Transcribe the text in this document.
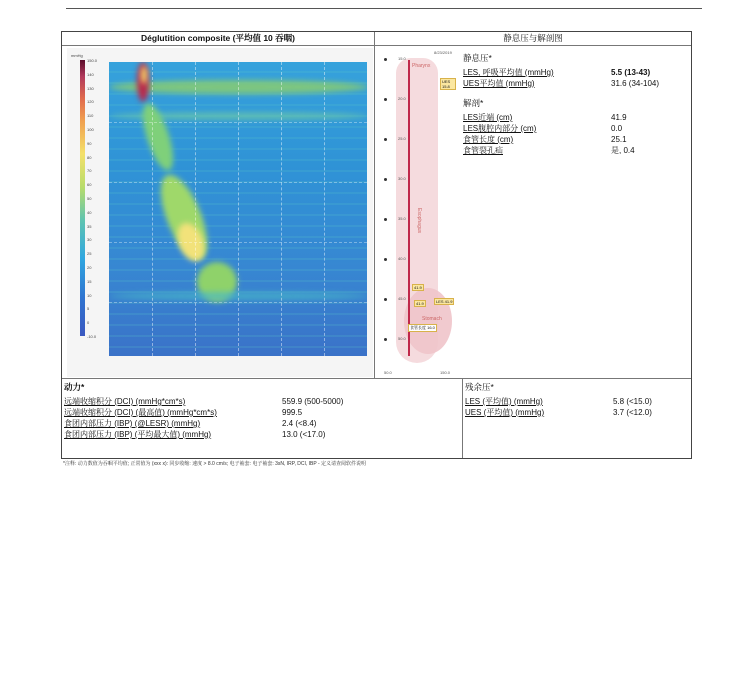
Déglutition composite (平均值 10 吞咽)	静息压与解剖图
mmHg
150.0
140
130
120
110
100
90
80
70
60
50
40
35
30
25
20
15
10
5
0
-10.0
8/23/2019
Pharynx
Esophagus
Stomach
UES 15.8
41.9
41.9	LES 41.9
食管长度 16.0
15.0
20.0
25.0
30.0
35.0
40.0
45.0
50.0
50.0	150.0
静息压*
LES, 呼吸平均值 (mmHg)	5.5 (13-43)
UES平均值 (mmHg)	31.6 (34-104)
解剖*
LES近端 (cm)	41.9
LES腹腔内部分 (cm)	0.0
食管长度 (cm)	25.1
食管裂孔疝	是, 0.4
动力*
远端收缩积分 (DCI) (mmHg*cm*s)	559.9 (500-5000)
远端收缩积分 (DCI) (最高值) (mmHg*cm*s)	999.5
食团内部压力 (IBP) (@LESR) (mmHg)	2.4 (<8.4)
食团内部压力 (IBP) (平均最大值) (mmHg)	13.0 (<17.0)
残余压*
LES (平均值) (mmHg)	5.8 (<15.0)
UES (平均值) (mmHg)	3.7 (<12.0)
*注释: 动力数值为吞咽平均值; 正常值为 (xxx x): 同步收缩: 速度 > 8.0 cm/s; 电子袖套: 电子袖套: 3sN, IRP, DCI, IBP - 定义请查阅软件说明
